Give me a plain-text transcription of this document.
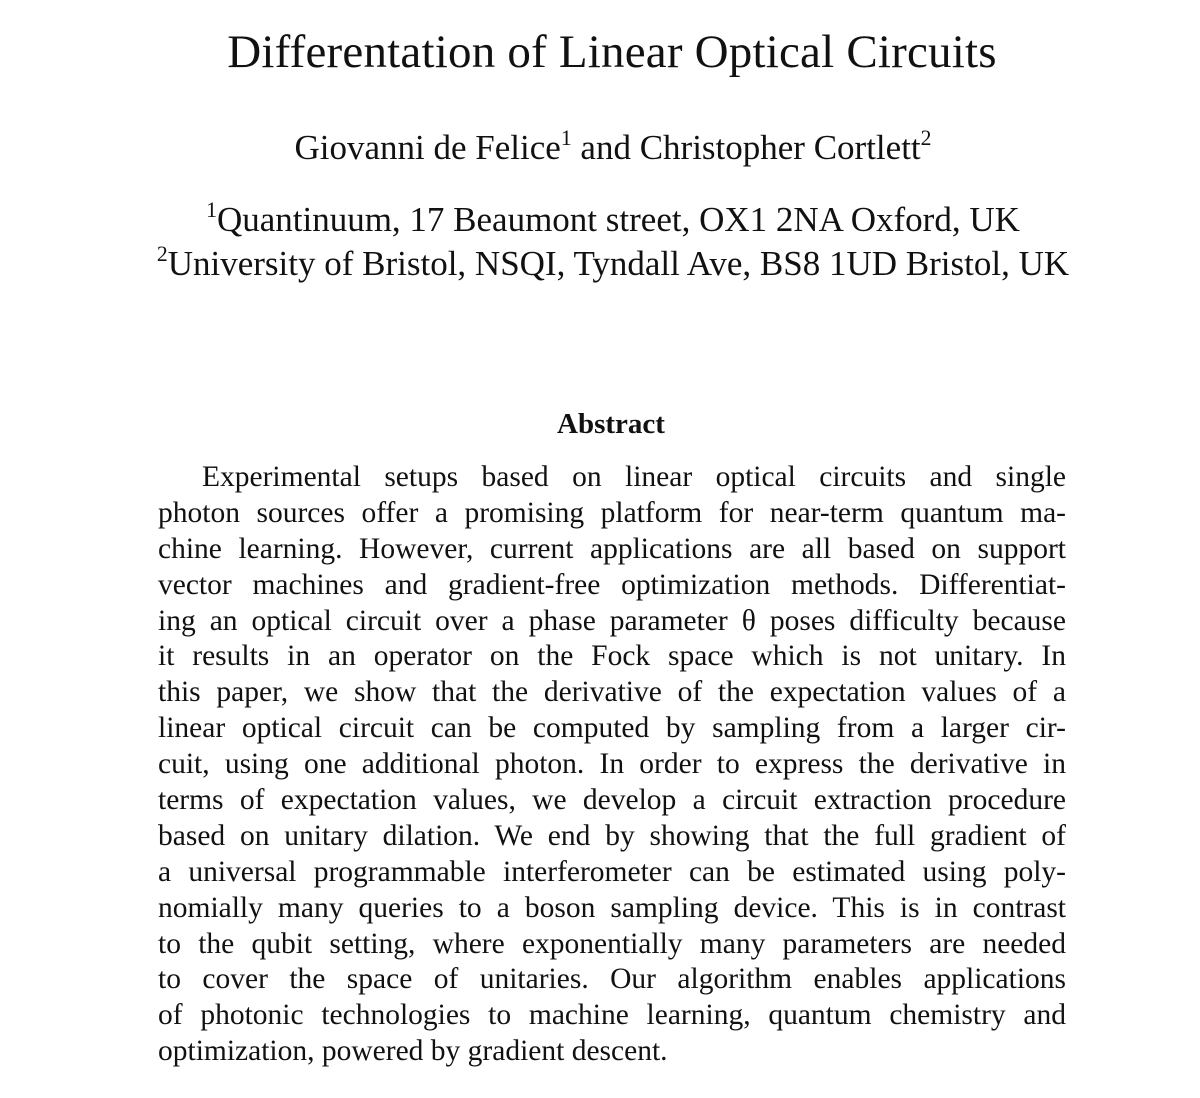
Differentation of Linear Optical Circuits
Giovanni de Felice$^1$ and Christopher Cortlett$^2$
$^1$Quantinuum, 17 Beaumont street, OX1 2NA Oxford, UK
$^2$University of Bristol, NSQI, Tyndall Ave, BS8 1UD Bristol, UK
Abstract
Experimental setups based on linear optical circuits and single
photon sources offer a promising platform for near-term quantum ma-
chine learning. However, current applications are all based on support
vector machines and gradient-free optimization methods. Differentiat-
ing an optical circuit over a phase parameter θ poses difficulty because
it results in an operator on the Fock space which is not unitary. In
this paper, we show that the derivative of the expectation values of a
linear optical circuit can be computed by sampling from a larger cir-
cuit, using one additional photon. In order to express the derivative in
terms of expectation values, we develop a circuit extraction procedure
based on unitary dilation. We end by showing that the full gradient of
a universal programmable interferometer can be estimated using poly-
nomially many queries to a boson sampling device. This is in contrast
to the qubit setting, where exponentially many parameters are needed
to cover the space of unitaries. Our algorithm enables applications
of photonic technologies to machine learning, quantum chemistry and
optimization, powered by gradient descent.
